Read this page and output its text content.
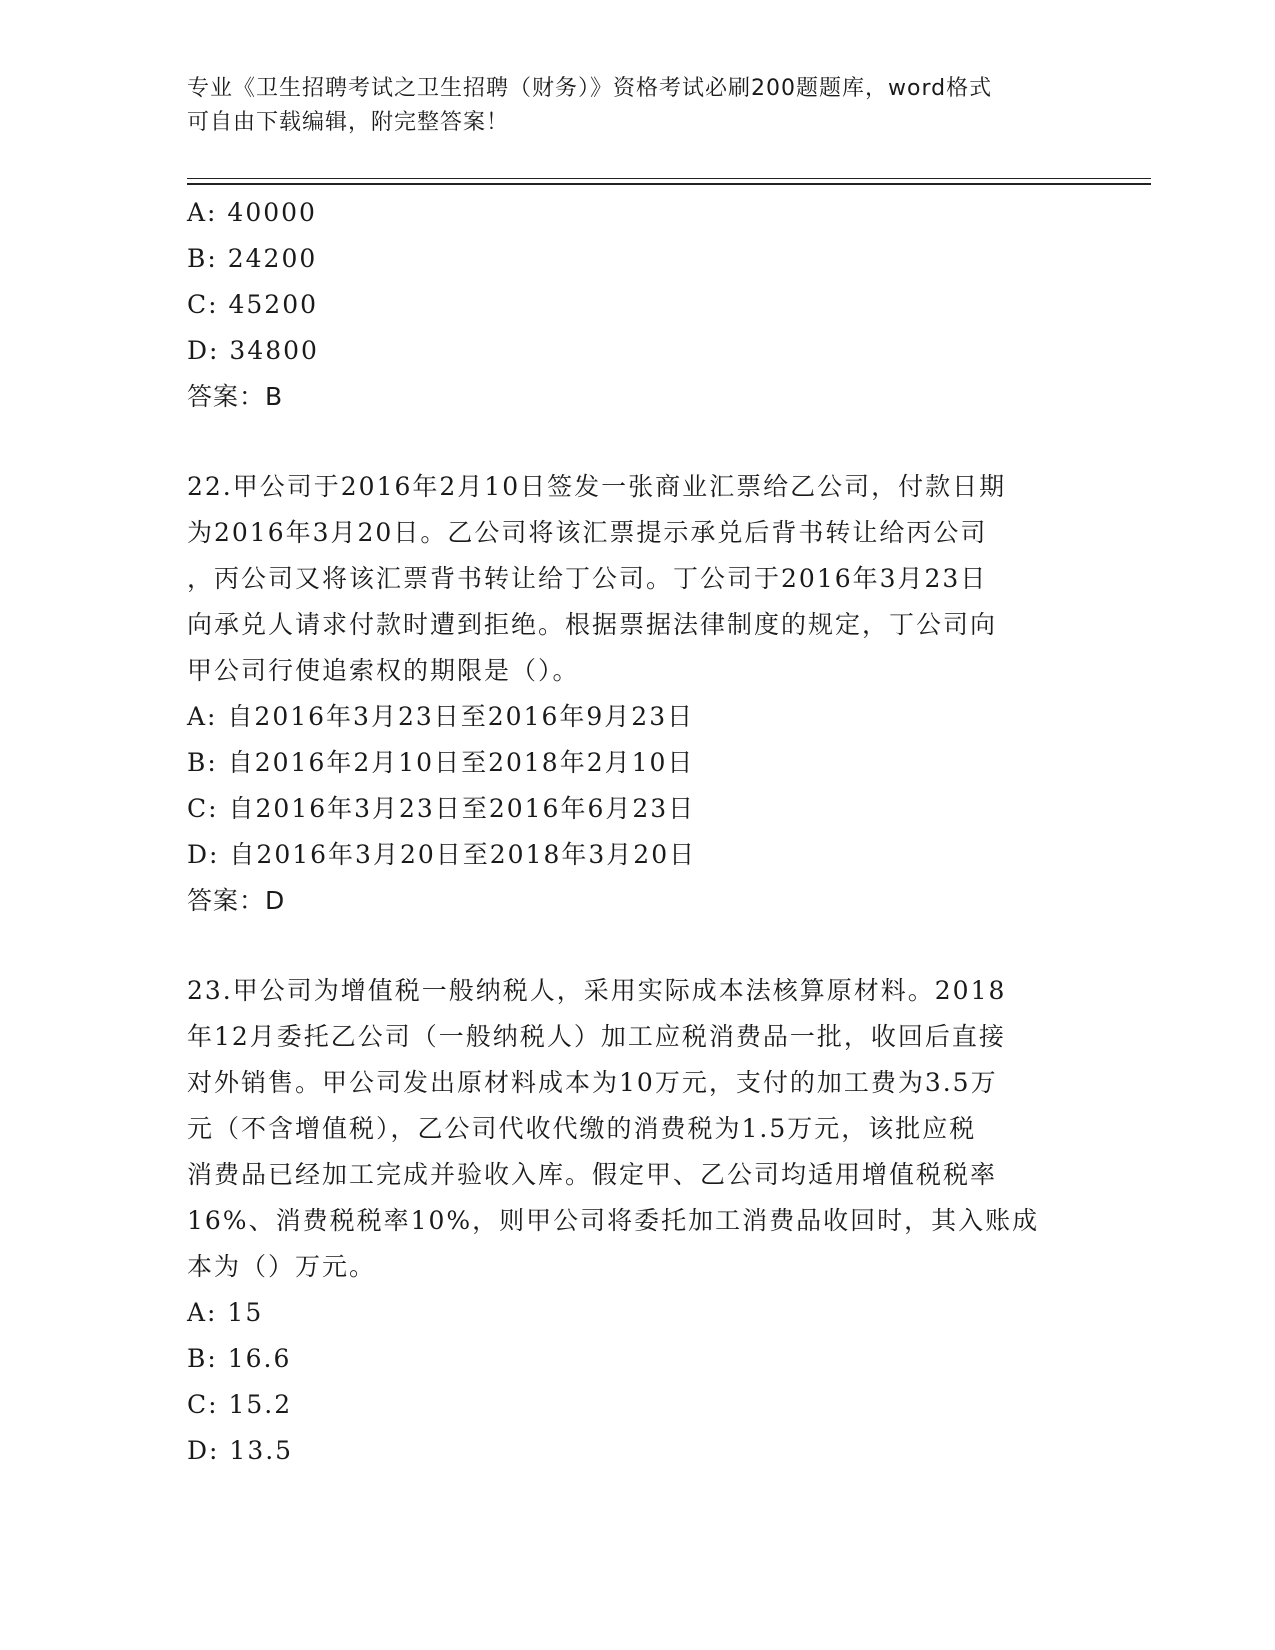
专业《卫生招聘考试之卫生招聘（财务）》资格考试必刷200题题库，word格式
可自由下载编辑，附完整答案！
A: 40000
B: 24200
C: 45200
D: 34800
答案：B
22.甲公司于2016年2月10日签发一张商业汇票给乙公司，付款日期
为2016年3月20日。乙公司将该汇票提示承兑后背书转让给丙公司
，丙公司又将该汇票背书转让给丁公司。丁公司于2016年3月23日
向承兑人请求付款时遭到拒绝。根据票据法律制度的规定，丁公司向
甲公司行使追索权的期限是（）。
A: 自2016年3月23日至2016年9月23日
B: 自2016年2月10日至2018年2月10日
C: 自2016年3月23日至2016年6月23日
D: 自2016年3月20日至2018年3月20日
答案：D
23.甲公司为增值税一般纳税人，采用实际成本法核算原材料。2018
年12月委托乙公司（一般纳税人）加工应税消费品一批，收回后直接
对外销售。甲公司发出原材料成本为10万元，支付的加工费为3.5万
元（不含增值税），乙公司代收代缴的消费税为1.5万元，该批应税
消费品已经加工完成并验收入库。假定甲、乙公司均适用增值税税率
16%、消费税税率10%，则甲公司将委托加工消费品收回时，其入账成
本为（）万元。
A: 15
B: 16.6
C: 15.2
D: 13.5
